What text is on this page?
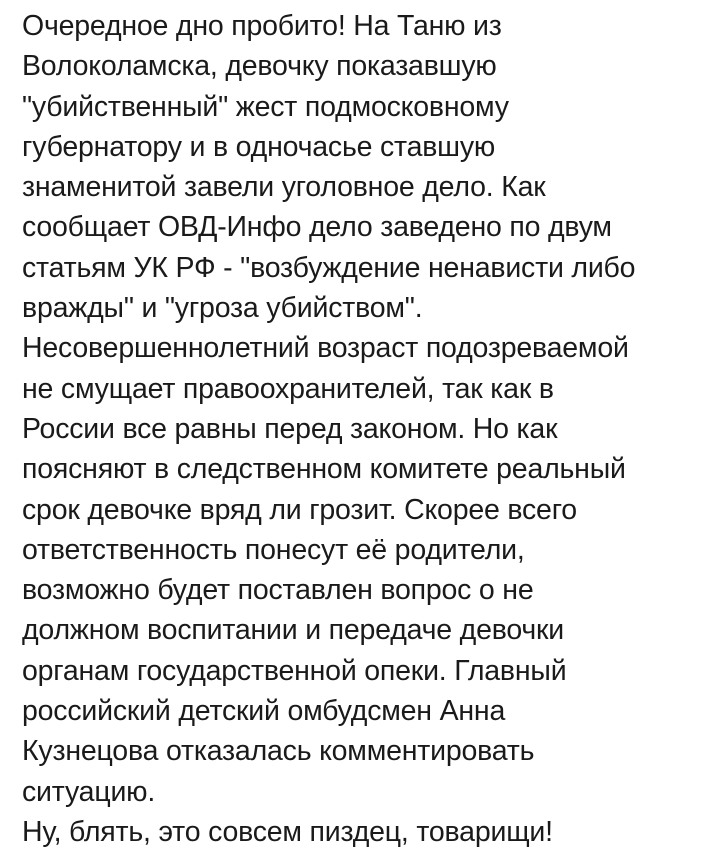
Очередное дно пробито! На Таню из
Волоколамска, девочку показавшую
"убийственный" жест подмосковному
губернатору и в одночасье ставшую
знаменитой завели уголовное дело. Как
сообщает ОВД-Инфо дело заведено по двум
статьям УК РФ - "возбуждение ненависти либо
вражды" и "угроза убийством".
Несовершеннолетний возраст подозреваемой
не смущает правоохранителей, так как в
России все равны перед законом. Но как
поясняют в следственном комитете реальный
срок девочке вряд ли грозит. Скорее всего
ответственность понесут её родители,
возможно будет поставлен вопрос о не
должном воспитании и передаче девочки
органам государственной опеки. Главный
российский детский омбудсмен Анна
Кузнецова отказалась комментировать
ситуацию.
Ну, блять, это совсем пиздец, товарищи!
